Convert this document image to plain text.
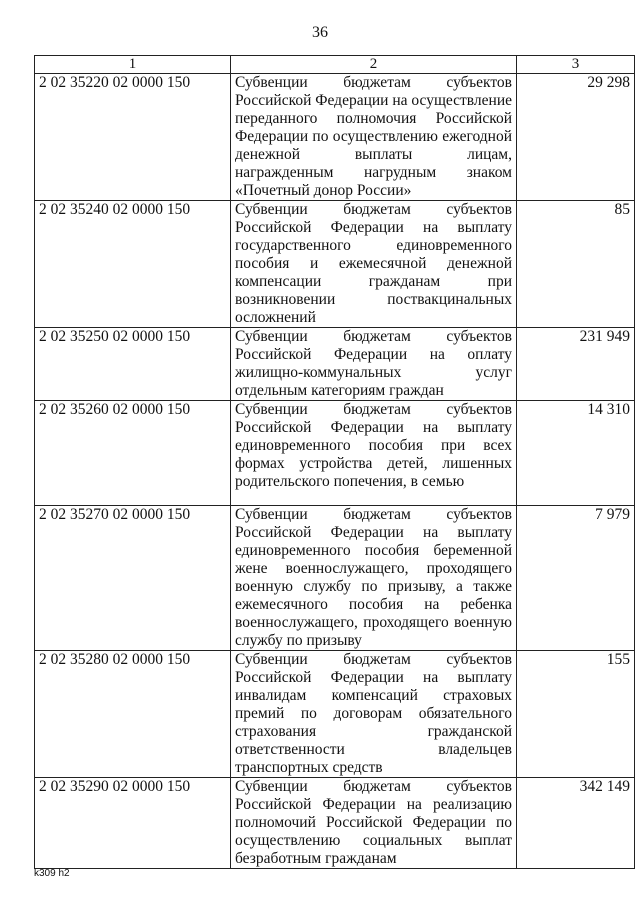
36
1	2	3
2 02 35220 02 0000 150	Субвенции бюджетам субъектов Российской Федерации на осуществление переданного полномочия Российской Федерации по осуществлению ежегодной денежной выплаты лицам, награжденным нагрудным знаком «Почетный донор России»	29 298
2 02 35240 02 0000 150	Субвенции бюджетам субъектов Российской Федерации на выплату государственного единовременного пособия и ежемесячной денежной компенсации гражданам при возникновении поствакцинальных осложнений	85
2 02 35250 02 0000 150	Субвенции бюджетам субъектов Российской Федерации на оплату жилищно-коммунальных услуг отдельным категориям граждан	231 949
2 02 35260 02 0000 150	Субвенции бюджетам субъектов Российской Федерации на выплату единовременного пособия при всех формах устройства детей, лишенных родительского попечения, в семью	14 310
2 02 35270 02 0000 150	Субвенции бюджетам субъектов Российской Федерации на выплату единовременного пособия беременной жене военнослужащего, проходящего военную службу по призыву, а также ежемесячного пособия на ребенка военнослужащего, проходящего военную службу по призыву	7 979
2 02 35280 02 0000 150	Субвенции бюджетам субъектов Российской Федерации на выплату инвалидам компенсаций страховых премий по договорам обязательного страхования гражданской ответственности владельцев транспортных средств	155
2 02 35290 02 0000 150	Субвенции бюджетам субъектов Российской Федерации на реализацию полномочий Российской Федерации по осуществлению социальных выплат безработным гражданам	342 149
k309 h2
